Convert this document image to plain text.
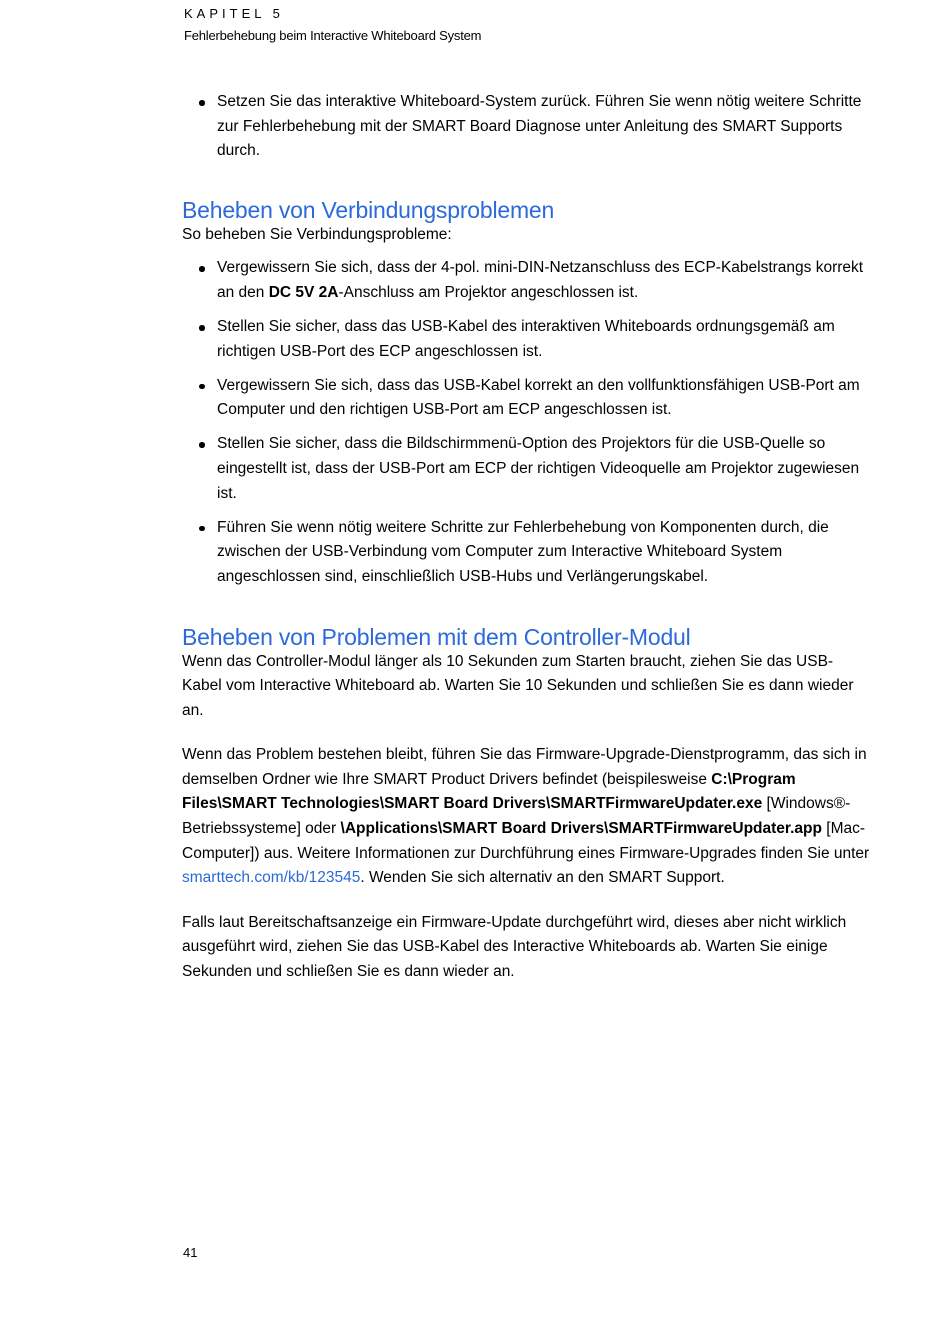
KAPITEL 5
Fehlerbehebung beim Interactive Whiteboard System
Setzen Sie das interaktive Whiteboard-System zurück. Führen Sie wenn nötig weitere Schritte zur Fehlerbehebung mit der SMART Board Diagnose unter Anleitung des SMART Supports durch.
Beheben von Verbindungsproblemen

So beheben Sie Verbindungsprobleme:

Vergewissern Sie sich, dass der 4-pol. mini-DIN-Netzanschluss des ECP-Kabelstrangs korrekt an den DC 5V 2A-Anschluss am Projektor angeschlossen ist.
Stellen Sie sicher, dass das USB-Kabel des interaktiven Whiteboards ordnungsgemäß am richtigen USB-Port des ECP angeschlossen ist.
Vergewissern Sie sich, dass das USB-Kabel korrekt an den vollfunktionsfähigen USB-Port am Computer und den richtigen USB-Port am ECP angeschlossen ist.
Stellen Sie sicher, dass die Bildschirmmenü-Option des Projektors für die USB-Quelle so eingestellt ist, dass der USB-Port am ECP der richtigen Videoquelle am Projektor zugewiesen ist.
Führen Sie wenn nötig weitere Schritte zur Fehlerbehebung von Komponenten durch, die zwischen der USB-Verbindung vom Computer zum Interactive Whiteboard System angeschlossen sind, einschließlich USB-Hubs und Verlängerungskabel.
Beheben von Problemen mit dem Controller-Modul

Wenn das Controller-Modul länger als 10 Sekunden zum Starten braucht, ziehen Sie das USB-Kabel vom Interactive Whiteboard ab. Warten Sie 10 Sekunden und schließen Sie es dann wieder an.

Wenn das Problem bestehen bleibt, führen Sie das Firmware-Upgrade-Dienstprogramm, das sich in demselben Ordner wie Ihre SMART Product Drivers befindet (beispilesweise C:\Program Files\SMART Technologies\SMART Board Drivers\SMARTFirmwareUpdater.exe [Windows®-Betriebssysteme] oder \Applications\SMART Board Drivers\SMARTFirmwareUpdater.app [Mac-Computer]) aus. Weitere Informationen zur Durchführung eines Firmware-Upgrades finden Sie unter smarttech.com/kb/123545. Wenden Sie sich alternativ an den SMART Support.

Falls laut Bereitschaftsanzeige ein Firmware-Update durchgeführt wird, dieses aber nicht wirklich ausgeführt wird, ziehen Sie das USB-Kabel des Interactive Whiteboards ab. Warten Sie einige Sekunden und schließen Sie es dann wieder an.

41
